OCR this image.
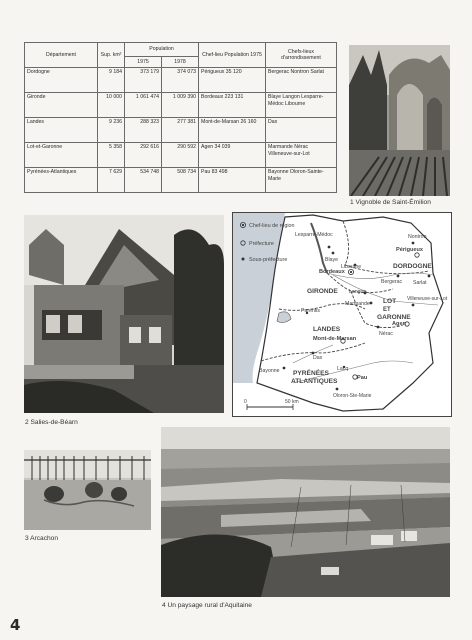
Département	Sup. km²	Population		Chef-lieu Population 1975	Chefs-lieux d'arrondissement
		1975	1978		
Dordogne	9 184	373 179	374 073	Périgueux 35 120	Bergerac Nontron Sarlat
Gironde	10 000	1 061 474	1 009 390	Bordeaux 223 131	Blaye Langon Lesparre-Médoc Libourne
Landes	9 236	288 323	277 381	Mont-de-Marsan 26 160	Dax
Lot-et-Garonne	5 358	292 616	290 592	Agen 34 039	Marmande Nérac Villeneuve-sur-Lot
Pyrénées-Atlantiques	7 629	534 748	508 734	Pau 83 498	Bayonne Oloron-Sainte-Marie
1 Vignoble de Saint-Émilion
2 Salies-de-Béarn
Chef-lieu de région
Préfecture
Sous-préfecture
DORDOGNE
GIRONDE
LOT
ET
GARONNE
LANDES
PYRÉNÉES
ATLANTIQUES
Lesparre-Médoc
Blaye
Libourne
Bordeaux
Nontron
Périgueux
Bergerac Sarlat
Langon
Marmande
Villeneuve-sur-Lot
Agen
Nérac
Parentis
Mont-de-Marsan
Dax
Bayonne	Lacq
Pau
Oloron-Ste-Marie
0	50 km
3 Arcachon
4 Un paysage rural d'Aquitaine
4
